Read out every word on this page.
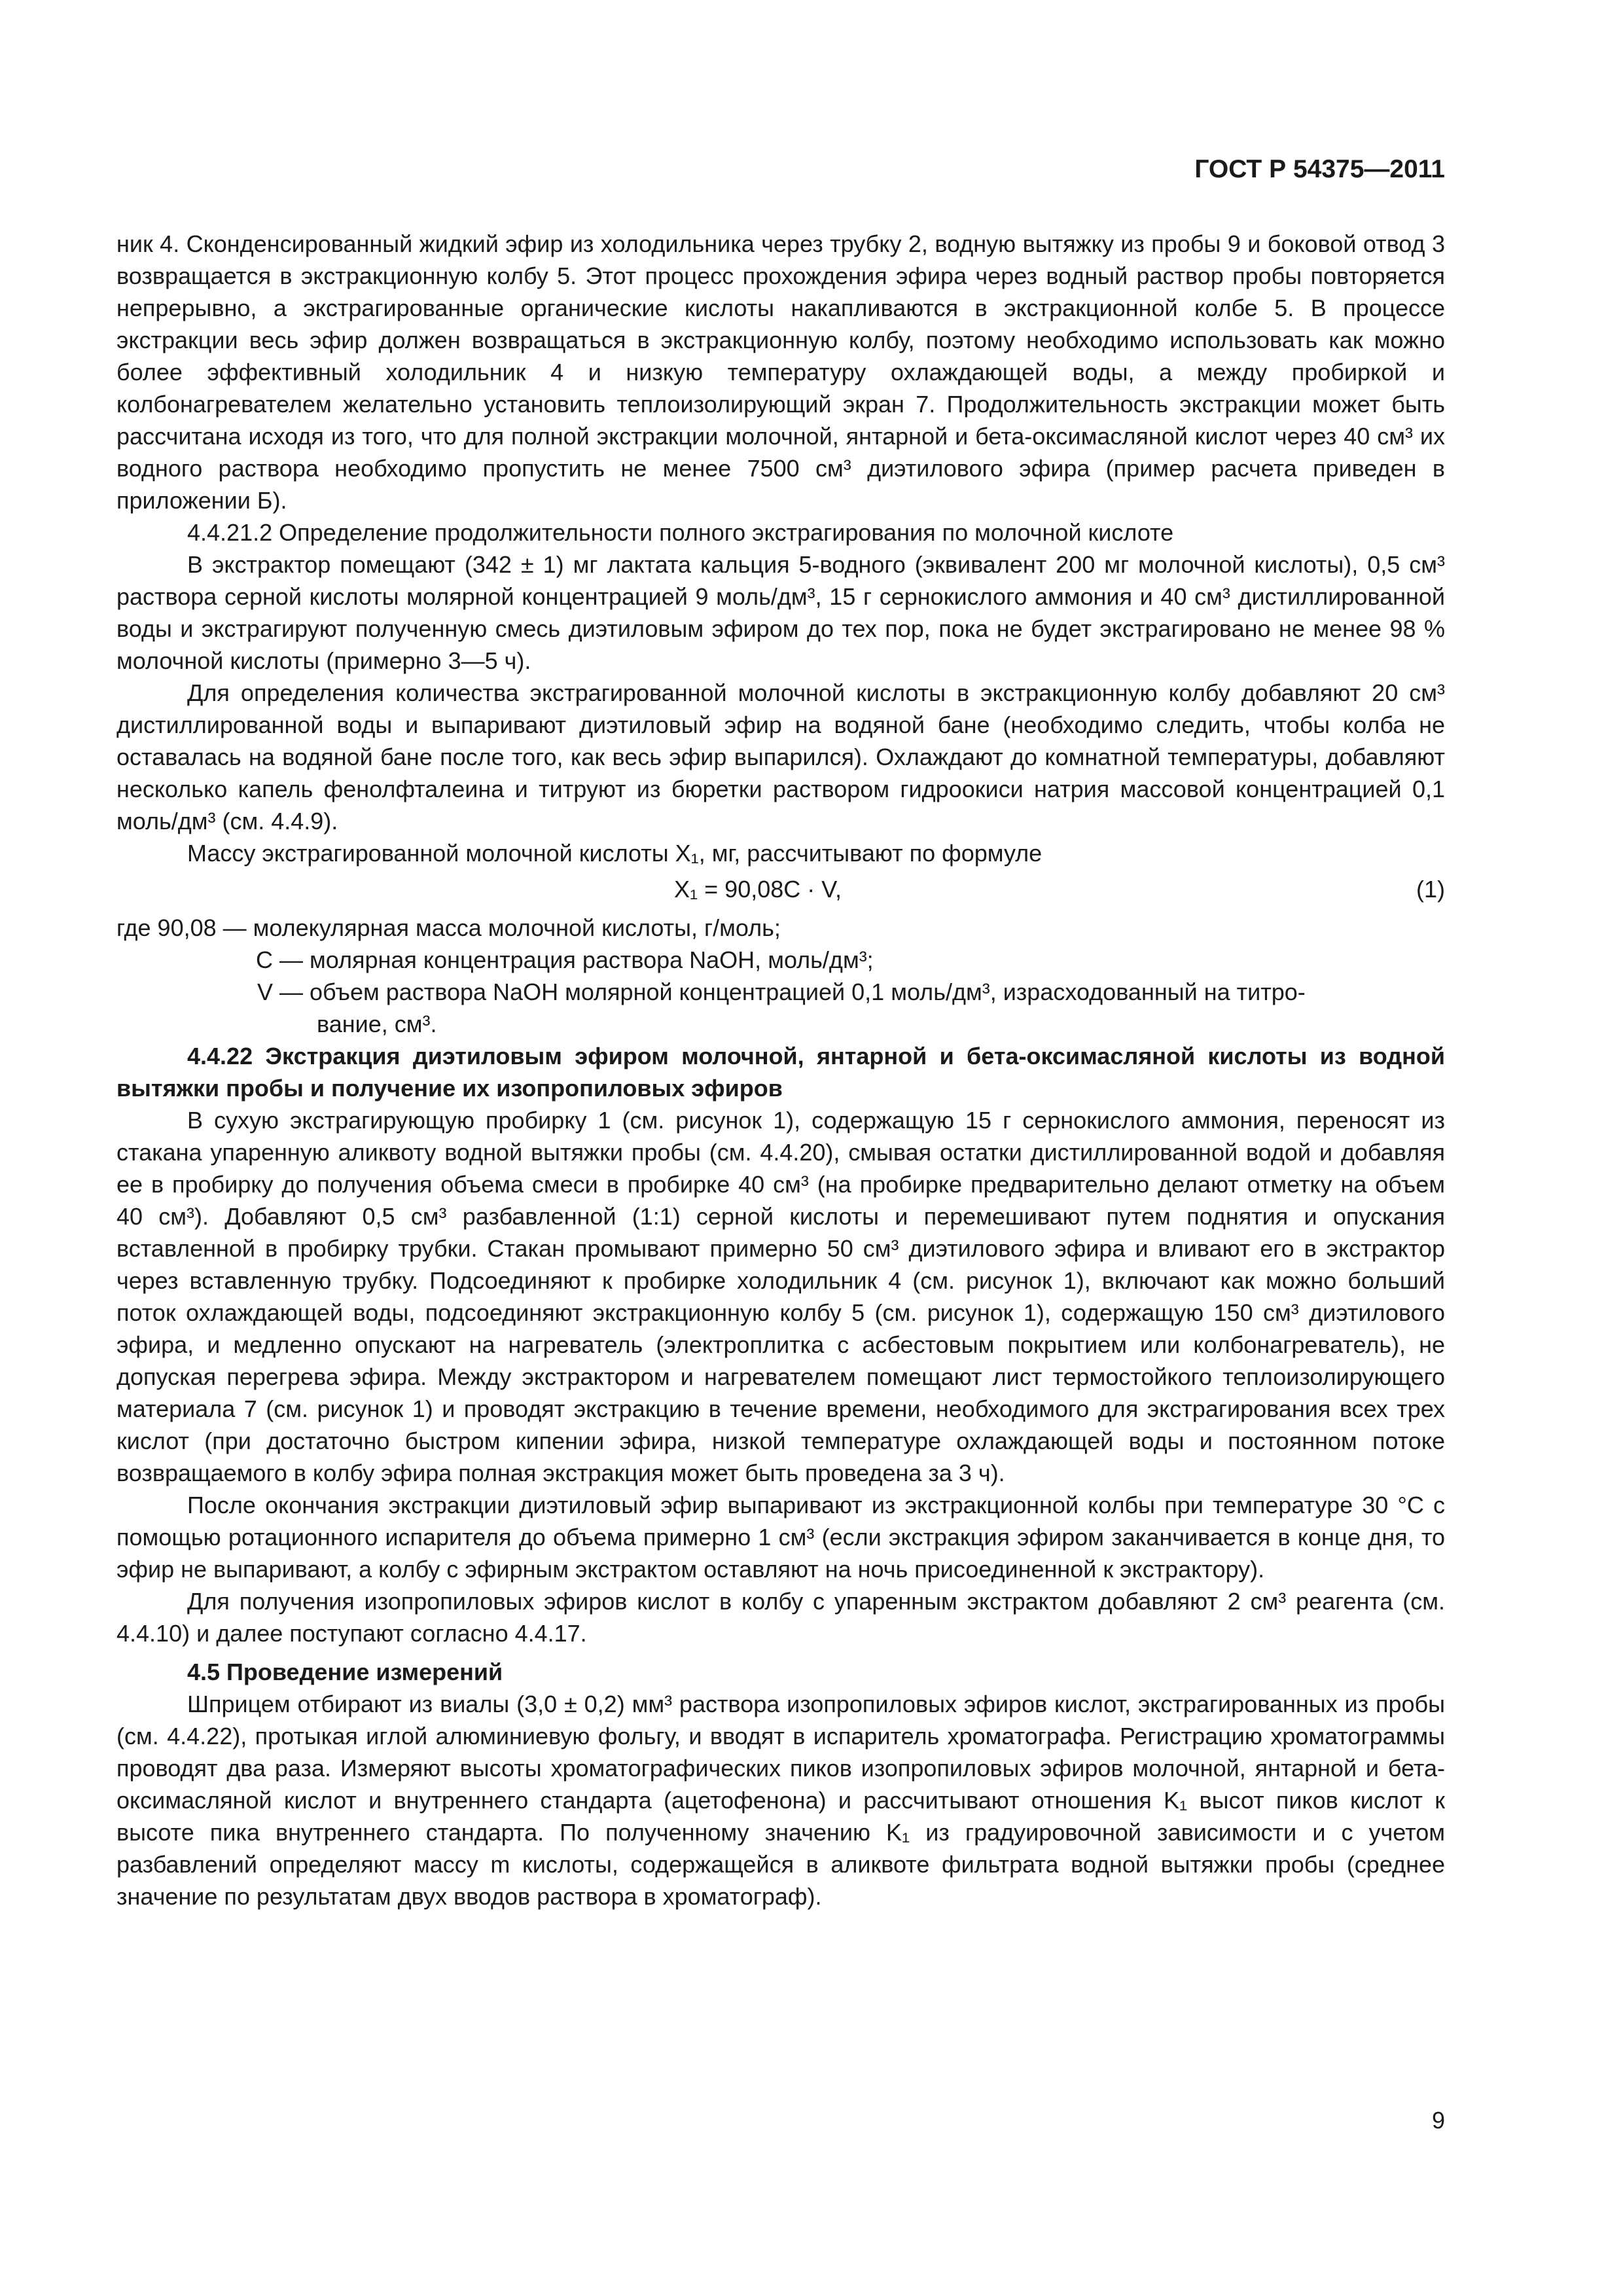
ГОСТ Р 54375—2011

ник 4. Сконденсированный жидкий эфир из холодильника через трубку 2, водную вытяжку из пробы 9 и боковой отвод 3 возвращается в экстракционную колбу 5. Этот процесс прохождения эфира через водный раствор пробы повторяется непрерывно, а экстрагированные органические кислоты накапливаются в экстракционной колбе 5. В процессе экстракции весь эфир должен возвращаться в экстракционную колбу, поэтому необходимо использовать как можно более эффективный холодильник 4 и низкую температуру охлаждающей воды, а между пробиркой и колбонагревателем желательно установить теплоизолирующий экран 7. Продолжительность экстракции может быть рассчитана исходя из того, что для полной экстракции молочной, янтарной и бета-оксимасляной кислот через 40 см³ их водного раствора необходимо пропустить не менее 7500 см³ диэтилового эфира (пример расчета приведен в приложении Б).

4.4.21.2 Определение продолжительности полного экстрагирования по молочной кислоте

В экстрактор помещают (342 ± 1) мг лактата кальция 5-водного (эквивалент 200 мг молочной кислоты), 0,5 см³ раствора серной кислоты молярной концентрацией 9 моль/дм³, 15 г сернокислого аммония и 40 см³ дистиллированной воды и экстрагируют полученную смесь диэтиловым эфиром до тех пор, пока не будет экстрагировано не менее 98 % молочной кислоты (примерно 3—5 ч).

Для определения количества экстрагированной молочной кислоты в экстракционную колбу добавляют 20 см³ дистиллированной воды и выпаривают диэтиловый эфир на водяной бане (необходимо следить, чтобы колба не оставалась на водяной бане после того, как весь эфир выпарился). Охлаждают до комнатной температуры, добавляют несколько капель фенолфталеина и титруют из бюретки раствором гидроокиси натрия массовой концентрацией 0,1 моль/дм³ (см. 4.4.9).

Массу экстрагированной молочной кислоты X₁, мг, рассчитывают по формуле

X₁ = 90,08C · V,	(1)
где 90,08 —
молекулярная масса молочной кислоты, г/моль;
C —
молярная концентрация раствора NaOH, моль/дм³;
V —
объем раствора NaOH молярной концентрацией 0,1 моль/дм³, израсходованный на титро-
вание, см³.

4.4.22 Экстракция диэтиловым эфиром молочной, янтарной и бета-оксимасляной кислоты из водной вытяжки пробы и получение их изопропиловых эфиров

В сухую экстрагирующую пробирку 1 (см. рисунок 1), содержащую 15 г сернокислого аммония, переносят из стакана упаренную аликвоту водной вытяжки пробы (см. 4.4.20), смывая остатки дистиллированной водой и добавляя ее в пробирку до получения объема смеси в пробирке 40 см³ (на пробирке предварительно делают отметку на объем 40 см³). Добавляют 0,5 см³ разбавленной (1:1) серной кислоты и перемешивают путем поднятия и опускания вставленной в пробирку трубки. Стакан промывают примерно 50 см³ диэтилового эфира и вливают его в экстрактор через вставленную трубку. Подсоединяют к пробирке холодильник 4 (см. рисунок 1), включают как можно больший поток охлаждающей воды, подсоединяют экстракционную колбу 5 (см. рисунок 1), содержащую 150 см³ диэтилового эфира, и медленно опускают на нагреватель (электроплитка с асбестовым покрытием или колбонагреватель), не допуская перегрева эфира. Между экстрактором и нагревателем помещают лист термостойкого теплоизолирующего материала 7 (см. рисунок 1) и проводят экстракцию в течение времени, необходимого для экстрагирования всех трех кислот (при достаточно быстром кипении эфира, низкой температуре охлаждающей воды и постоянном потоке возвращаемого в колбу эфира полная экстракция может быть проведена за 3 ч).

После окончания экстракции диэтиловый эфир выпаривают из экстракционной колбы при температуре 30 °С с помощью ротационного испарителя до объема примерно 1 см³ (если экстракция эфиром заканчивается в конце дня, то эфир не выпаривают, а колбу с эфирным экстрактом оставляют на ночь присоединенной к экстрактору).

Для получения изопропиловых эфиров кислот в колбу с упаренным экстрактом добавляют 2 см³ реагента (см. 4.4.10) и далее поступают согласно 4.4.17.

4.5 Проведение измерений

Шприцем отбирают из виалы (3,0 ± 0,2) мм³ раствора изопропиловых эфиров кислот, экстрагированных из пробы (см. 4.4.22), протыкая иглой алюминиевую фольгу, и вводят в испаритель хроматографа. Регистрацию хроматограммы проводят два раза. Измеряют высоты хроматографических пиков изопропиловых эфиров молочной, янтарной и бета-оксимасляной кислот и внутреннего стандарта (ацетофенона) и рассчитывают отношения K₁ высот пиков кислот к высоте пика внутреннего стандарта. По полученному значению K₁ из градуировочной зависимости и с учетом разбавлений определяют массу m кислоты, содержащейся в аликвоте фильтрата водной вытяжки пробы (среднее значение по результатам двух вводов раствора в хроматограф).

9
